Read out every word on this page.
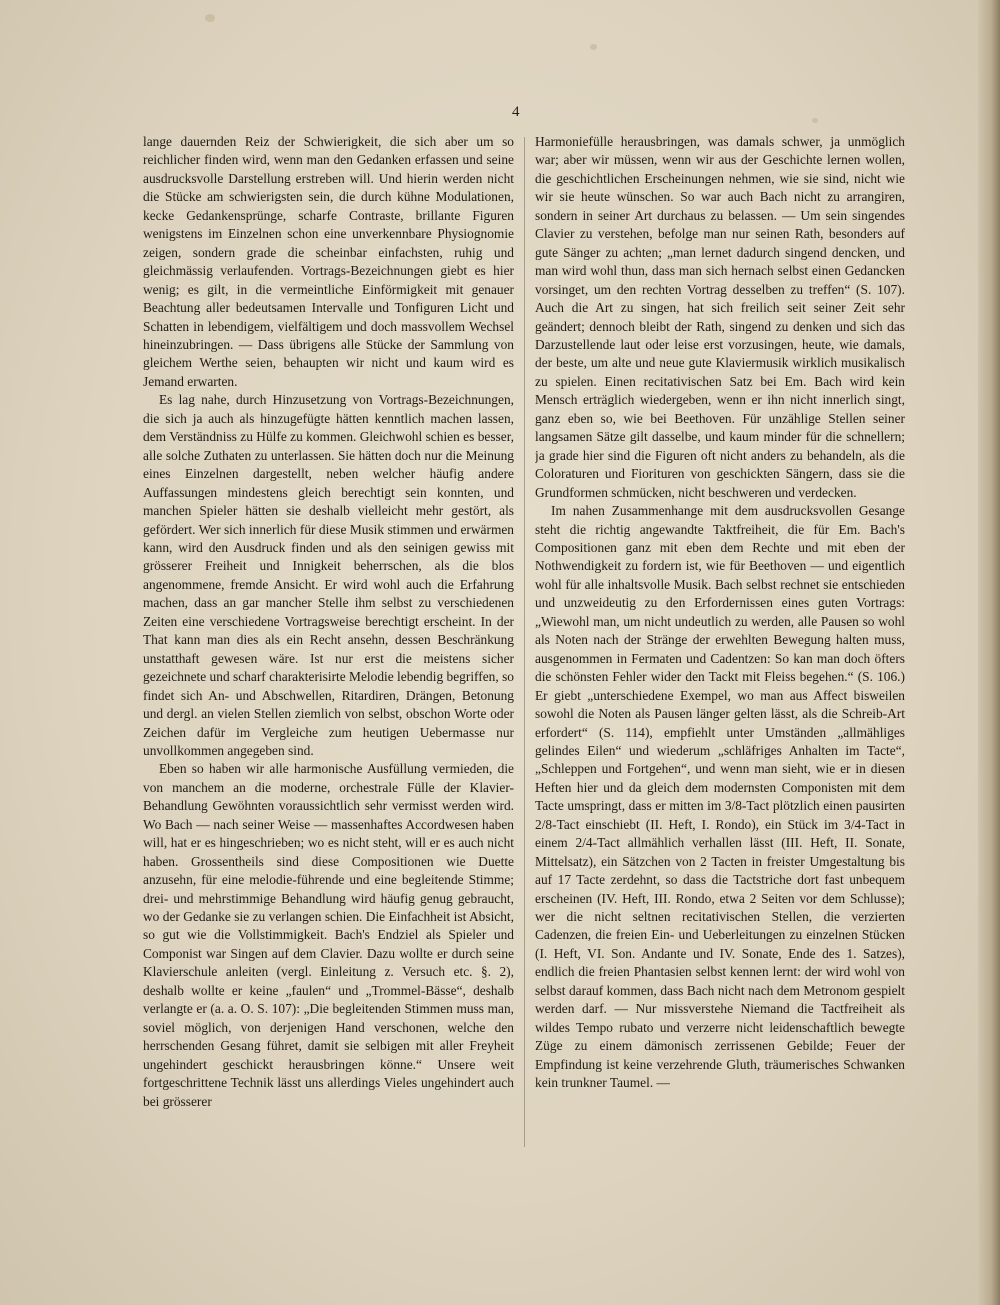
4

lange dauernden Reiz der Schwierigkeit, die sich aber um so reichlicher finden wird, wenn man den Gedanken erfassen und seine ausdrucksvolle Darstellung erstreben will. Und hierin werden nicht die Stücke am schwierigsten sein, die durch kühne Modulationen, kecke Gedankensprünge, scharfe Contraste, brillante Figuren wenigstens im Einzelnen schon eine unverkennbare Physiognomie zeigen, sondern grade die scheinbar einfachsten, ruhig und gleichmässig verlaufenden. Vortrags-Bezeichnungen giebt es hier wenig; es gilt, in die vermeintliche Einförmigkeit mit genauer Beachtung aller bedeutsamen Intervalle und Tonfiguren Licht und Schatten in lebendigem, vielfältigem und doch massvollem Wechsel hineinzubringen. — Dass übrigens alle Stücke der Sammlung von gleichem Werthe seien, behaupten wir nicht und kaum wird es Jemand erwarten.

Es lag nahe, durch Hinzusetzung von Vortrags-Bezeichnungen, die sich ja auch als hinzugefügte hätten kenntlich machen lassen, dem Verständniss zu Hülfe zu kommen. Gleichwohl schien es besser, alle solche Zuthaten zu unterlassen. Sie hätten doch nur die Meinung eines Einzelnen dargestellt, neben welcher häufig andere Auffassungen mindestens gleich berechtigt sein konnten, und manchen Spieler hätten sie deshalb vielleicht mehr gestört, als gefördert. Wer sich innerlich für diese Musik stimmen und erwärmen kann, wird den Ausdruck finden und als den seinigen gewiss mit grösserer Freiheit und Innigkeit beherrschen, als die blos angenommene, fremde Ansicht. Er wird wohl auch die Erfahrung machen, dass an gar mancher Stelle ihm selbst zu verschiedenen Zeiten eine verschiedene Vortragsweise berechtigt erscheint. In der That kann man dies als ein Recht ansehn, dessen Beschränkung unstatthaft gewesen wäre. Ist nur erst die meistens sicher gezeichnete und scharf charakterisirte Melodie lebendig begriffen, so findet sich An- und Abschwellen, Ritardiren, Drängen, Betonung und dergl. an vielen Stellen ziemlich von selbst, obschon Worte oder Zeichen dafür im Vergleiche zum heutigen Uebermasse nur unvollkommen angegeben sind.

Eben so haben wir alle harmonische Ausfüllung vermieden, die von manchem an die moderne, orchestrale Fülle der Klavier-Behandlung Gewöhnten voraussichtlich sehr vermisst werden wird. Wo Bach — nach seiner Weise — massenhaftes Accordwesen haben will, hat er es hingeschrieben; wo es nicht steht, will er es auch nicht haben. Grossentheils sind diese Compositionen wie Duette anzusehn, für eine melodie-führende und eine begleitende Stimme; drei- und mehrstimmige Behandlung wird häufig genug gebraucht, wo der Gedanke sie zu verlangen schien. Die Einfachheit ist Absicht, so gut wie die Vollstimmigkeit. Bach's Endziel als Spieler und Componist war Singen auf dem Clavier. Dazu wollte er durch seine Klavierschule anleiten (vergl. Einleitung z. Versuch etc. §. 2), deshalb wollte er keine „faulen“ und „Trommel-Bässe“, deshalb verlangte er (a. a. O. S. 107): „Die begleitenden Stimmen muss man, soviel möglich, von derjenigen Hand verschonen, welche den herrschenden Gesang führet, damit sie selbigen mit aller Freyheit ungehindert geschickt herausbringen könne.“ Unsere weit fortgeschrittene Technik lässt uns allerdings Vieles ungehindert auch bei grösserer

Harmoniefülle herausbringen, was damals schwer, ja unmöglich war; aber wir müssen, wenn wir aus der Geschichte lernen wollen, die geschichtlichen Erscheinungen nehmen, wie sie sind, nicht wie wir sie heute wünschen. So war auch Bach nicht zu arrangiren, sondern in seiner Art durchaus zu belassen. — Um sein singendes Clavier zu verstehen, befolge man nur seinen Rath, besonders auf gute Sänger zu achten; „man lernet dadurch singend dencken, und man wird wohl thun, dass man sich hernach selbst einen Gedancken vorsinget, um den rechten Vortrag desselben zu treffen“ (S. 107). Auch die Art zu singen, hat sich freilich seit seiner Zeit sehr geändert; dennoch bleibt der Rath, singend zu denken und sich das Darzustellende laut oder leise erst vorzusingen, heute, wie damals, der beste, um alte und neue gute Klaviermusik wirklich musikalisch zu spielen. Einen recitativischen Satz bei Em. Bach wird kein Mensch erträglich wiedergeben, wenn er ihn nicht innerlich singt, ganz eben so, wie bei Beethoven. Für unzählige Stellen seiner langsamen Sätze gilt dasselbe, und kaum minder für die schnellern; ja grade hier sind die Figuren oft nicht anders zu behandeln, als die Coloraturen und Fiorituren von geschickten Sängern, dass sie die Grundformen schmücken, nicht beschweren und verdecken.

Im nahen Zusammenhange mit dem ausdrucksvollen Gesange steht die richtig angewandte Taktfreiheit, die für Em. Bach's Compositionen ganz mit eben dem Rechte und mit eben der Nothwendigkeit zu fordern ist, wie für Beethoven — und eigentlich wohl für alle inhaltsvolle Musik. Bach selbst rechnet sie entschieden und unzweideutig zu den Erfordernissen eines guten Vortrags: „Wiewohl man, um nicht undeutlich zu werden, alle Pausen so wohl als Noten nach der Stränge der erwehlten Bewegung halten muss, ausgenommen in Fermaten und Cadentzen: So kan man doch öfters die schönsten Fehler wider den Tackt mit Fleiss begehen.“ (S. 106.) Er giebt „unterschiedene Exempel, wo man aus Affect bisweilen sowohl die Noten als Pausen länger gelten lässt, als die Schreib-Art erfordert“ (S. 114), empfiehlt unter Umständen „allmähliges gelindes Eilen“ und wiederum „schläfriges Anhalten im Tacte“, „Schleppen und Fortgehen“, und wenn man sieht, wie er in diesen Heften hier und da gleich dem modernsten Componisten mit dem Tacte umspringt, dass er mitten im 3/8-Tact plötzlich einen pausirten 2/8-Tact einschiebt (II. Heft, I. Rondo), ein Stück im 3/4-Tact in einem 2/4-Tact allmählich verhallen lässt (III. Heft, II. Sonate, Mittelsatz), ein Sätzchen von 2 Tacten in freister Umgestaltung bis auf 17 Tacte zerdehnt, so dass die Tactstriche dort fast unbequem erscheinen (IV. Heft, III. Rondo, etwa 2 Seiten vor dem Schlusse); wer die nicht seltnen recitativischen Stellen, die verzierten Cadenzen, die freien Ein- und Ueberleitungen zu einzelnen Stücken (I. Heft, VI. Son. Andante und IV. Sonate, Ende des 1. Satzes), endlich die freien Phantasien selbst kennen lernt: der wird wohl von selbst darauf kommen, dass Bach nicht nach dem Metronom gespielt werden darf. — Nur missverstehe Niemand die Tactfreiheit als wildes Tempo rubato und verzerre nicht leidenschaftlich bewegte Züge zu einem dämonisch zerrissenen Gebilde; Feuer der Empfindung ist keine verzehrende Gluth, träumerisches Schwanken kein trunkner Taumel. —
